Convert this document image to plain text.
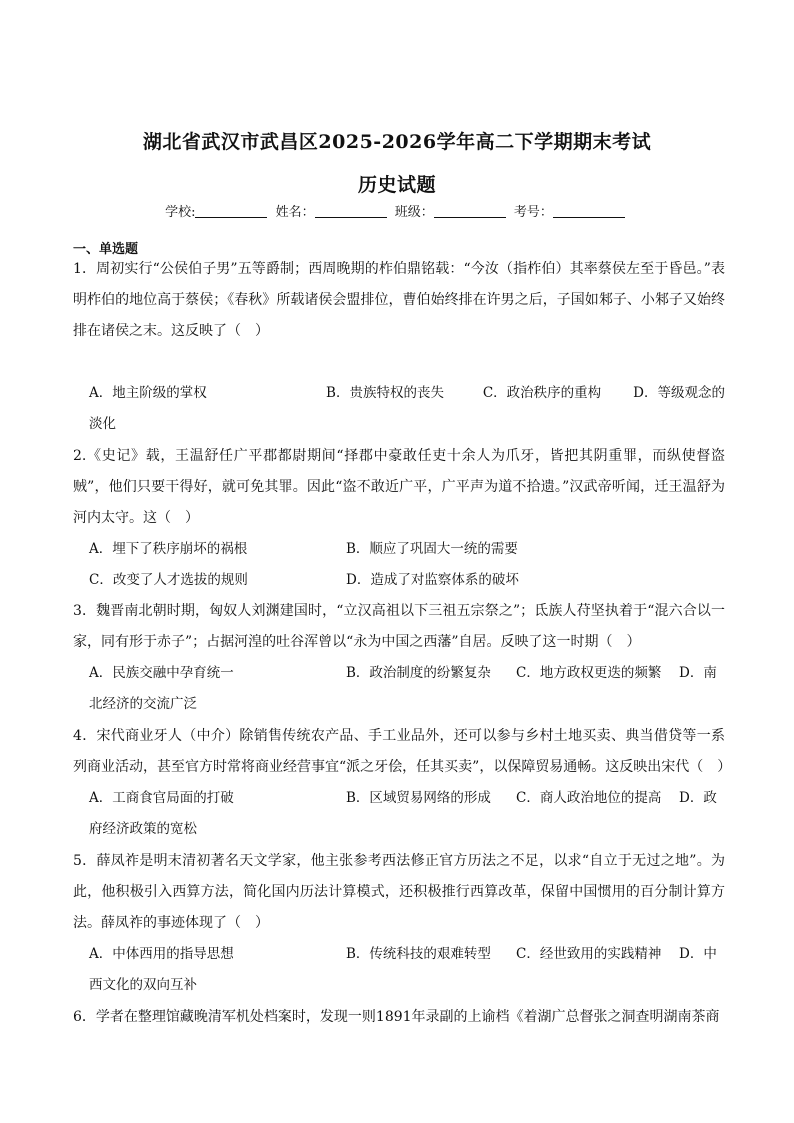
湖北省武汉市武昌区2025-2026学年高二下学期期末考试
历史试题
学校:	姓名：	班级：	考号：
一、单选题
1．周初实行“公侯伯子男”五等爵制；西周晚期的柞伯鼎铭载：“今汝（指柞伯）其率蔡侯左至于昏邑。”表明柞伯的地位高于蔡侯；《春秋》所载诸侯会盟排位，曹伯始终排在许男之后，子国如邾子、小邾子又始终排在诸侯之末。这反映了（　）
A．地主阶级的掌权	B．贵族特权的丧失	C．政治秩序的重构	D．等级观念的
淡化
2.《史记》载，王温舒任广平郡都尉期间“择郡中豪敢任吏十余人为爪牙，皆把其阴重罪，而纵使督盗贼”，他们只要干得好，就可免其罪。因此“盗不敢近广平，广平声为道不拾遗。”汉武帝听闻，迁王温舒为河内太守。这（　）
A．埋下了秩序崩坏的祸根	B．顺应了巩固大一统的需要
C．改变了人才选拔的规则	D．造成了对监察体系的破坏
3．魏晋南北朝时期，匈奴人刘渊建国时，“立汉高祖以下三祖五宗祭之”；氐族人苻坚执着于“混六合以一家，同有形于赤子”；占据河湟的吐谷浑曾以“永为中国之西藩”自居。反映了这一时期（　）
A．民族交融中孕育统一	B．政治制度的纷繁复杂	C．地方政权更迭的频繁	D．南
北经济的交流广泛
4．宋代商业牙人（中介）除销售传统农产品、手工业品外，还可以参与乡村土地买卖、典当借贷等一系列商业活动，甚至官方时常将商业经营事宜“派之牙侩，任其买卖”，以保障贸易通畅。这反映出宋代（　）
A．工商食官局面的打破	B．区域贸易网络的形成	C．商人政治地位的提高	D．政
府经济政策的宽松
5．薛凤祚是明末清初著名天文学家，他主张参考西法修正官方历法之不足，以求“自立于无过之地”。为此，他积极引入西算方法，简化国内历法计算模式，还积极推行西算改革，保留中国惯用的百分制计算方法。薛凤祚的事迹体现了（　）
A．中体西用的指导思想	B．传统科技的艰难转型	C．经世致用的实践精神	D．中
西文化的双向互补
6．学者在整理馆藏晚清军机处档案时，发现一则1891年录副的上谕档《着湖广总督张之洞查明湖南茶商
